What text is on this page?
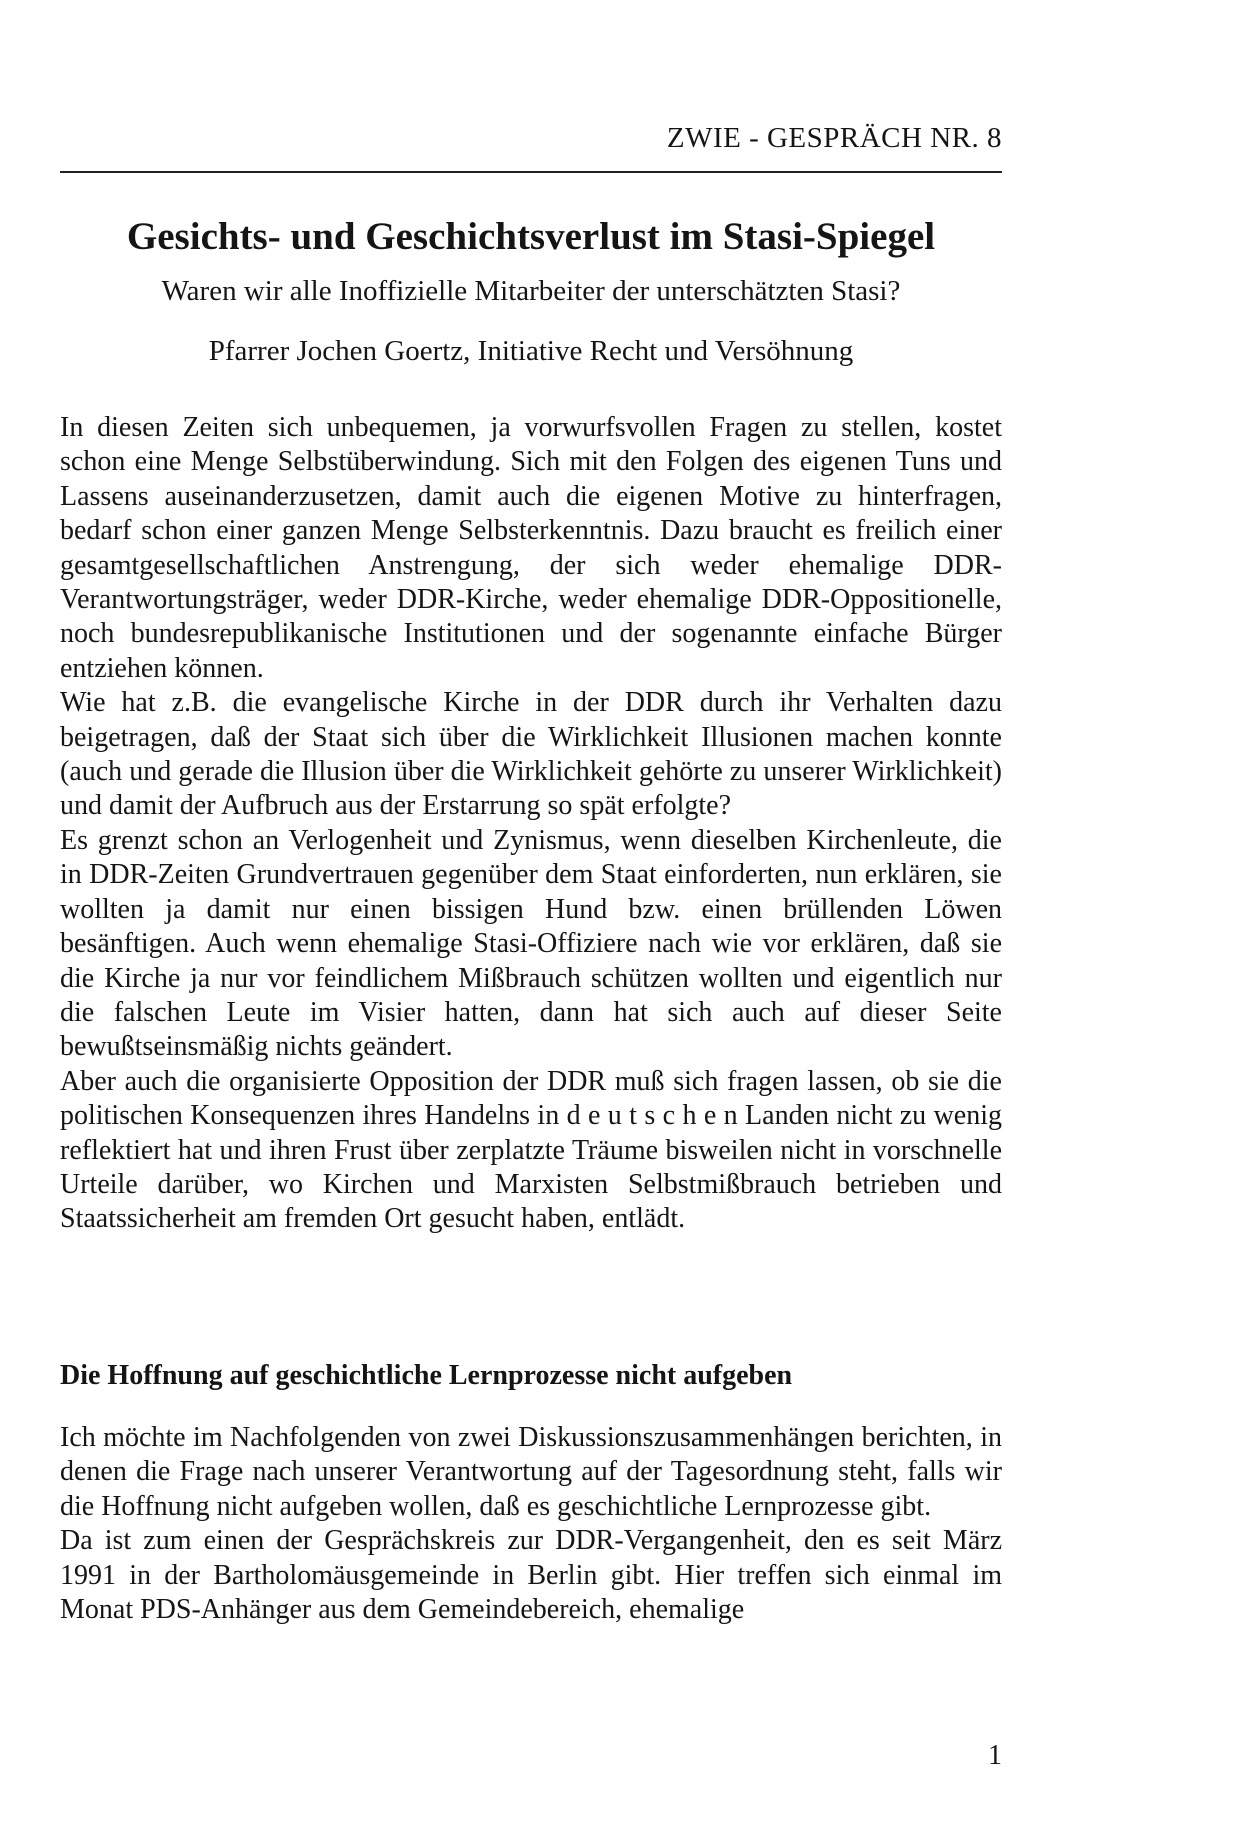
ZWIE - GESPRÄCH NR. 8
Gesichts- und Geschichtsverlust im Stasi-Spiegel
Waren wir alle Inoffizielle Mitarbeiter der unterschätzten Stasi?
Pfarrer Jochen Goertz, Initiative Recht und Versöhnung

In diesen Zeiten sich unbequemen, ja vorwurfsvollen Fragen zu stellen, kostet schon eine Menge Selbstüberwindung. Sich mit den Folgen des eigenen Tuns und Lassens auseinanderzusetzen, damit auch die eigenen Motive zu hinterfragen, bedarf schon einer ganzen Menge Selbsterkenntnis. Dazu braucht es freilich einer gesamtgesellschaftlichen Anstrengung, der sich weder ehemalige DDR-Verantwortungsträger, weder DDR-Kirche, weder ehemalige DDR-Oppositionelle, noch bundesrepublikanische Institutionen und der sogenannte einfache Bürger entziehen können.

Wie hat z.B. die evangelische Kirche in der DDR durch ihr Verhalten dazu beigetragen, daß der Staat sich über die Wirklichkeit Illusionen machen konnte (auch und gerade die Illusion über die Wirklichkeit gehörte zu unserer Wirklichkeit) und damit der Aufbruch aus der Erstarrung so spät erfolgte?

Es grenzt schon an Verlogenheit und Zynismus, wenn dieselben Kirchenleute, die in DDR-Zeiten Grundvertrauen gegenüber dem Staat einforderten, nun erklären, sie wollten ja damit nur einen bissigen Hund bzw. einen brüllenden Löwen besänftigen. Auch wenn ehemalige Stasi-Offiziere nach wie vor erklären, daß sie die Kirche ja nur vor feindlichem Mißbrauch schützen wollten und eigentlich nur die falschen Leute im Visier hatten, dann hat sich auch auf dieser Seite bewußtseinsmäßig nichts geändert.

Aber auch die organisierte Opposition der DDR muß sich fragen lassen, ob sie die politischen Konsequenzen ihres Handelns in d e u t s c h e n Landen nicht zu wenig reflektiert hat und ihren Frust über zerplatzte Träume bisweilen nicht in vorschnelle Urteile darüber, wo Kirchen und Marxisten Selbstmißbrauch betrieben und Staatssicherheit am fremden Ort gesucht haben, entlädt.

Die Hoffnung auf geschichtliche Lernprozesse nicht aufgeben

Ich möchte im Nachfolgenden von zwei Diskussionszusammenhängen berichten, in denen die Frage nach unserer Verantwortung auf der Tagesordnung steht, falls wir die Hoffnung nicht aufgeben wollen, daß es geschichtliche Lernprozesse gibt.

Da ist zum einen der Gesprächskreis zur DDR-Vergangenheit, den es seit März 1991 in der Bartholomäusgemeinde in Berlin gibt. Hier treffen sich einmal im Monat PDS-Anhänger aus dem Gemeindebereich, ehemalige

1
